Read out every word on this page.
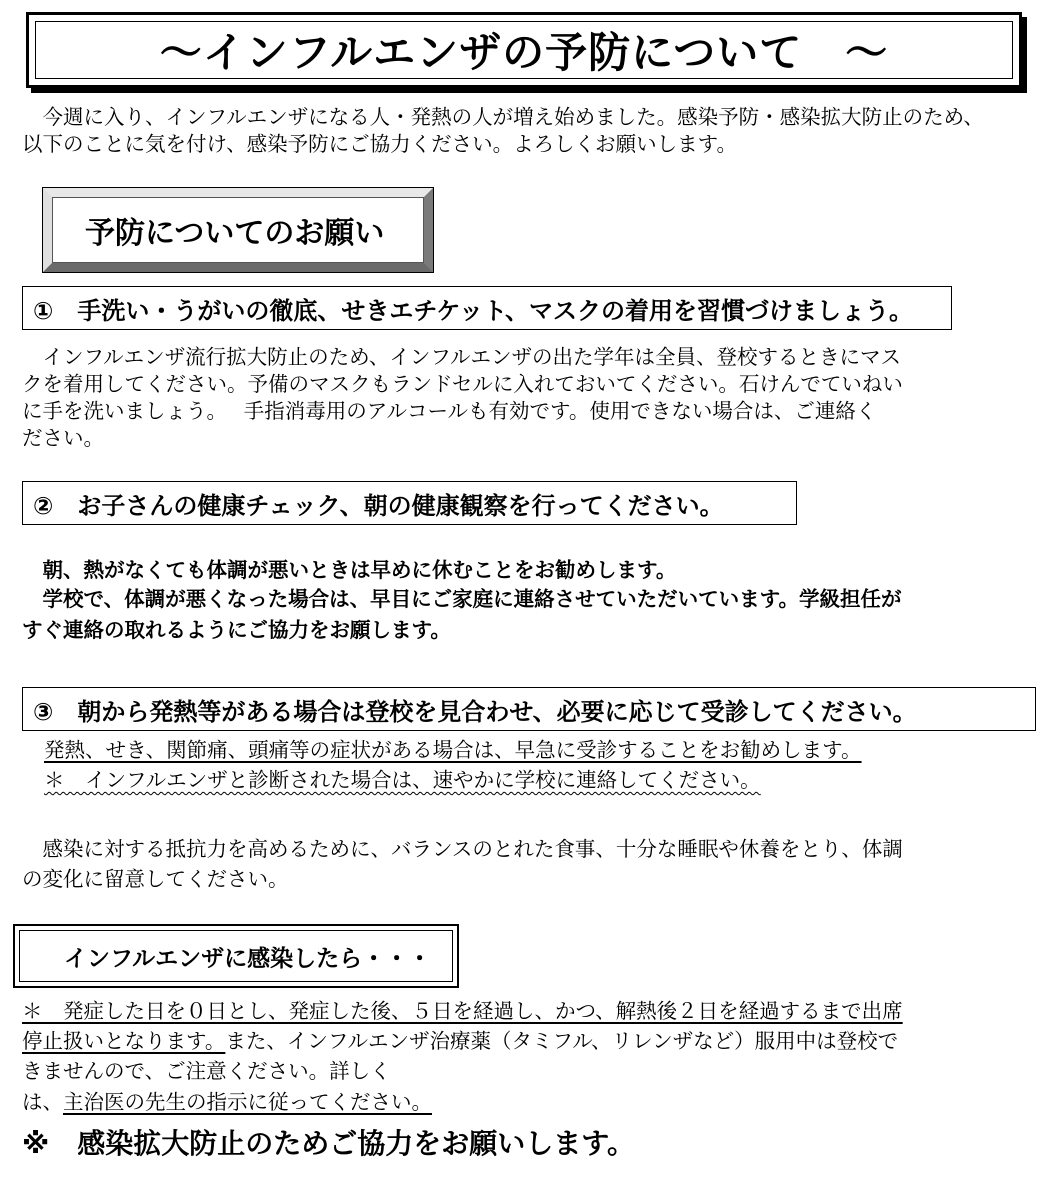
～インフルエンザの予防について　～
　今週に入り、インフルエンザになる人・発熱の人が増え始めました。感染予防・感染拡大防止のため、
以下のことに気を付け、感染予防にご協力ください。よろしくお願いします。
予防についてのお願い
①　手洗い・うがいの徹底、せきエチケット、マスクの着用を習慣づけましょう。
　インフルエンザ流行拡大防止のため、インフルエンザの出た学年は全員、登校するときにマス
クを着用してください。予備のマスクもランドセルに入れておいてください。石けんでていねい
に手を洗いましょう。　 手指消毒用のアルコールも有効です。使用できない場合は、ご連絡く
ださい。
②　お子さんの健康チェック、朝の健康観察を行ってください。
　朝、熱がなくても体調が悪いときは早めに休むことをお勧めします。
　学校で、体調が悪くなった場合は、早目にご家庭に連絡させていただいています。学級担任が
すぐ連絡の取れるようにご協力をお願します。
③　朝から発熱等がある場合は登校を見合わせ、必要に応じて受診してください。
発熱、せき、関節痛、頭痛等の症状がある場合は、早急に受診することをお勧めします。
＊　インフルエンザと診断された場合は、速やかに学校に連絡してください。
　感染に対する抵抗力を高めるために、バランスのとれた食事、十分な睡眠や休養をとり、体調
の変化に留意してください。
インフルエンザに感染したら・・・
＊　発症した日を０日とし、発症した後、５日を経過し、かつ、解熱後２日を経過するまで出席
停止扱いとなります。また、インフルエンザ治療薬（タミフル、リレンザなど）服用中は登校で
きませんので、ご注意ください。詳しく
は、主治医の先生の指示に従ってください。
※　感染拡大防止のためご協力をお願いします。
